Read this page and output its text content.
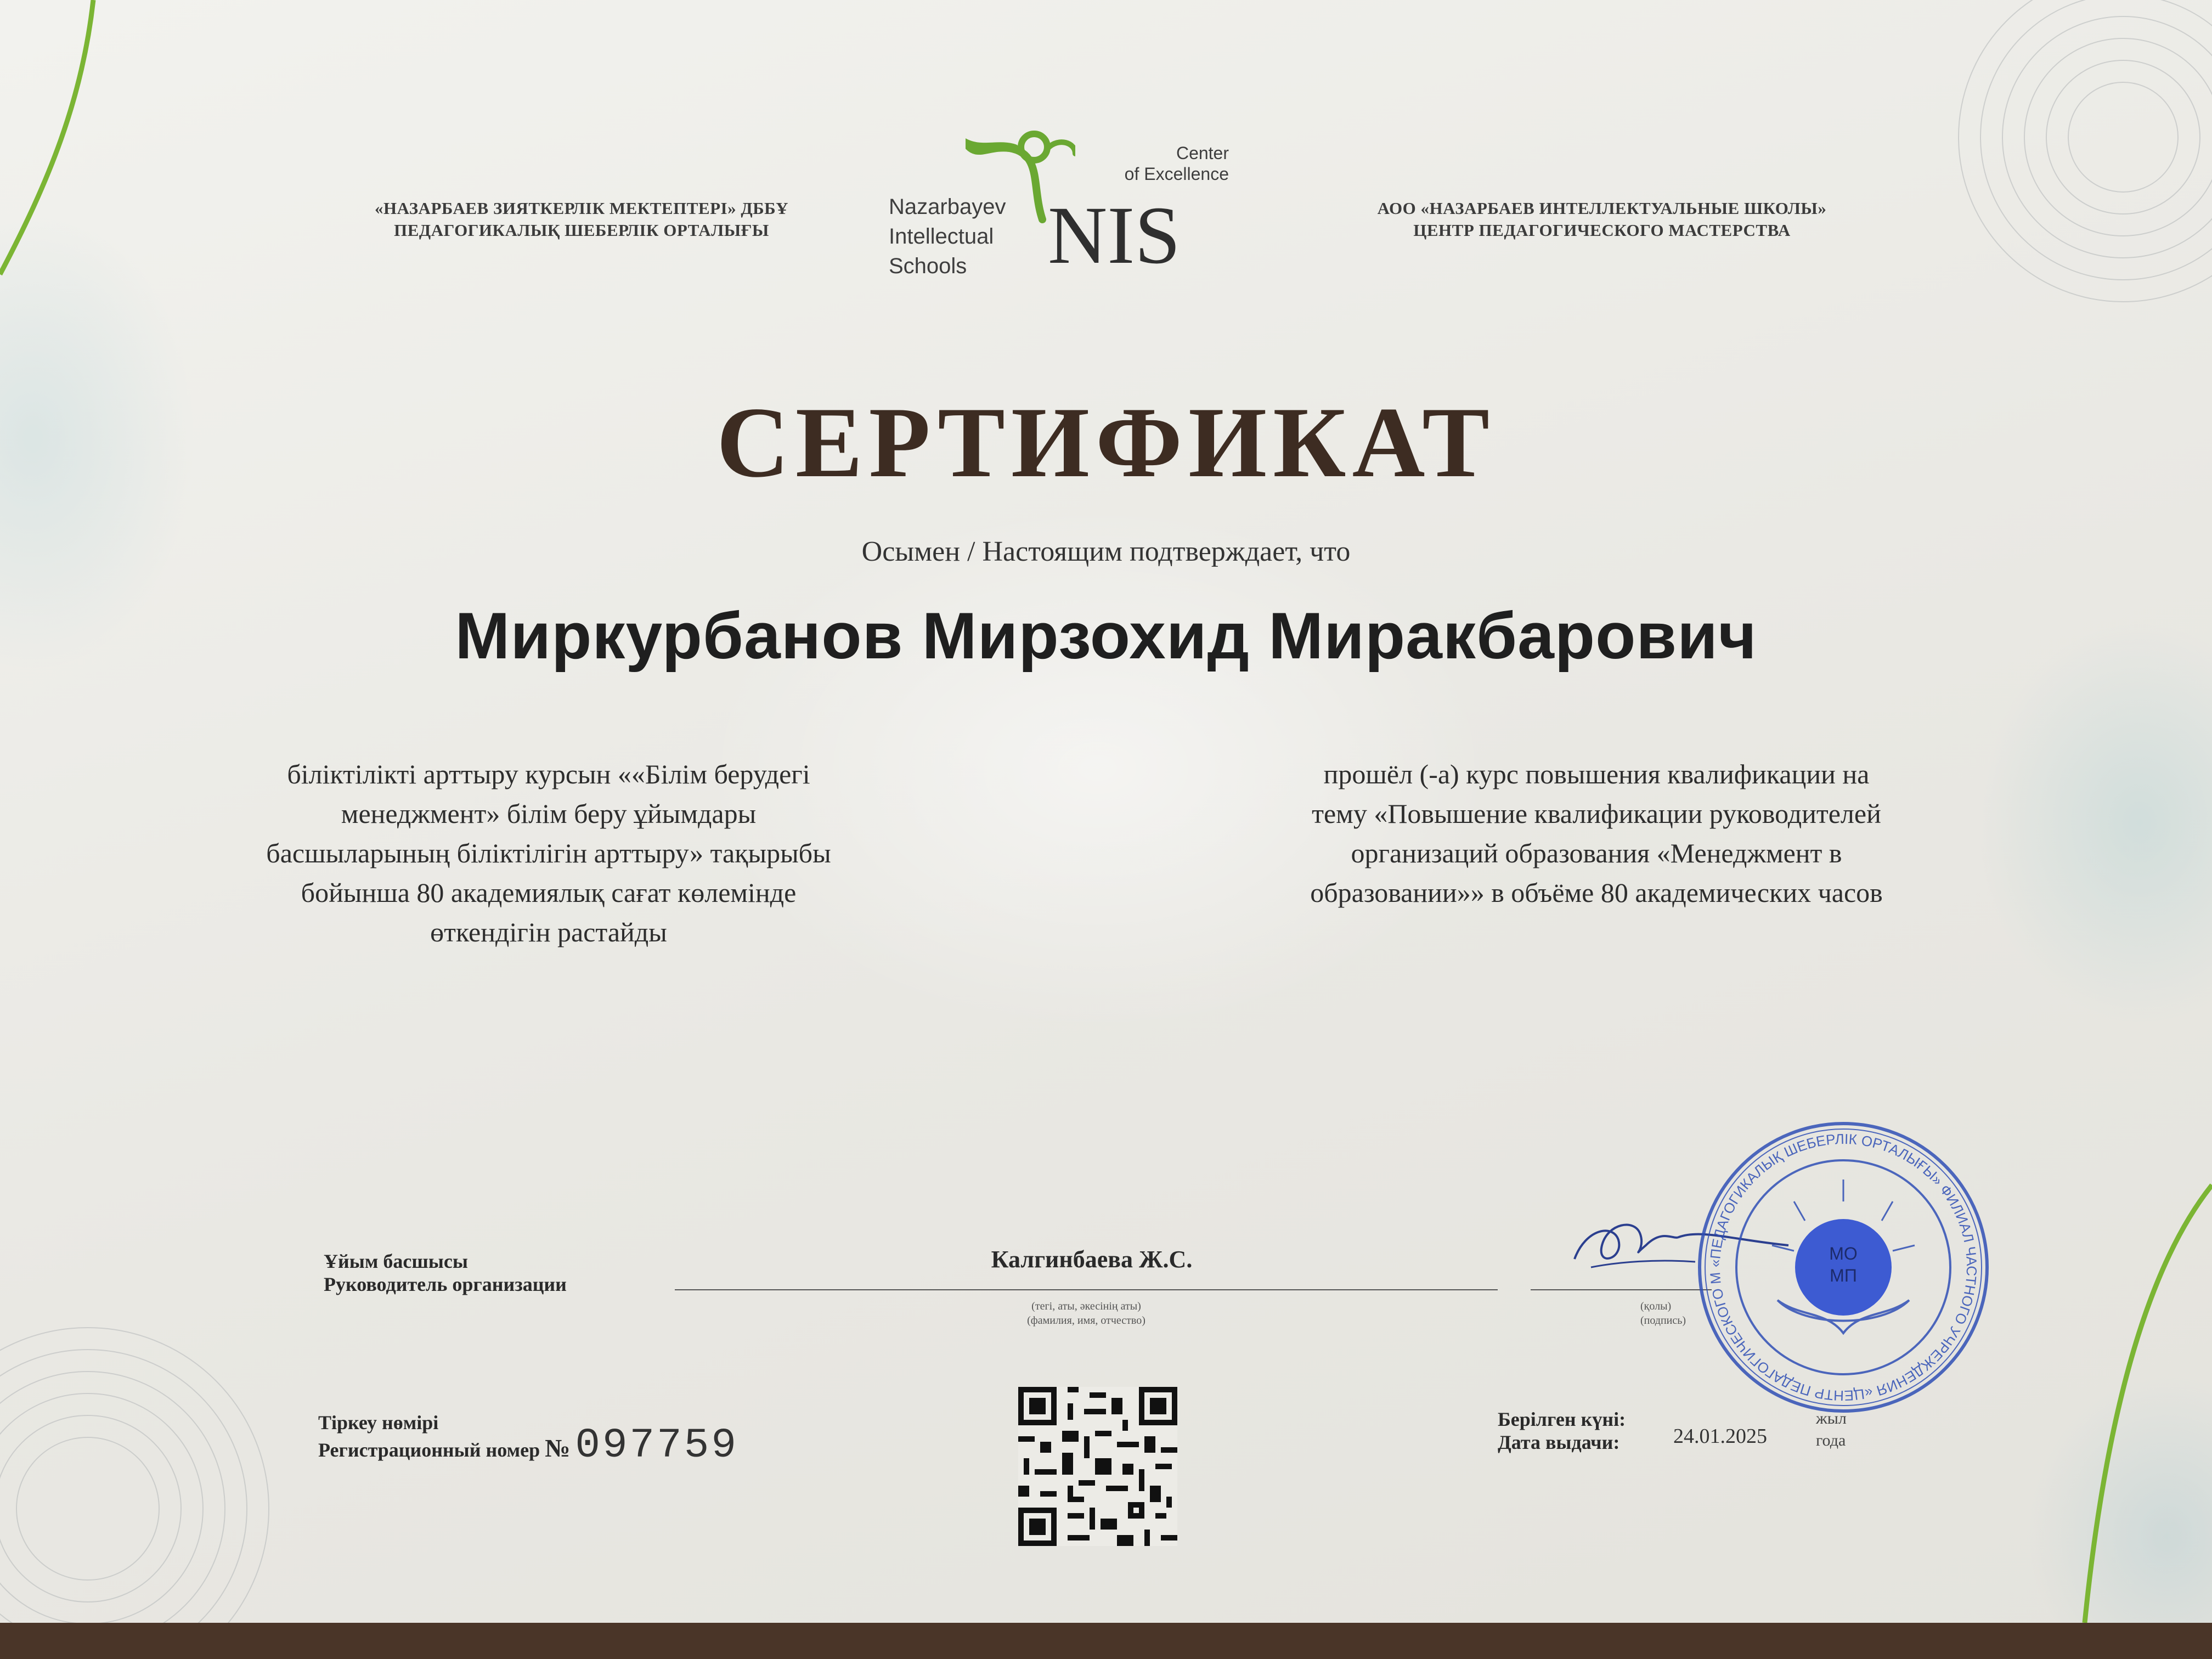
«НАЗАРБАЕВ ЗИЯТКЕРЛІК МЕКТЕПТЕРІ» ДББҰ
ПЕДАГОГИКАЛЫҚ ШЕБЕРЛІК ОРТАЛЫҒЫ
Nazarbayev
Intellectual
Schools NIS
Center
of Excellence
АОО «НАЗАРБАЕВ ИНТЕЛЛЕКТУАЛЬНЫЕ ШКОЛЫ»
ЦЕНТР ПЕДАГОГИЧЕСКОГО МАСТЕРСТВА
СЕРТИФИКАТ
Осымен / Настоящим подтверждает, что
Миркурбанов Мирзохид Миракбарович
біліктілікті арттыру курсын ««Білім берудегі
менеджмент» білім беру ұйымдары
басшыларының біліктілігін арттыру» тақырыбы
бойынша 80 академиялық сағат көлемінде
өткендігін растайды
прошёл (-а) курс повышения квалификации на
тему «Повышение квалификации руководителей
организаций образования «Менеджмент в
образовании»» в объёме 80 академических часов
Ұйым басшысы
Руководитель организации
Калгинбаева Ж.С.
(тегі, аты, әкесінің аты)
(фамилия, имя, отчество)
(қолы)
(подпись)
«ПЕДАГОГИКАЛЫҚ ШЕБЕРЛІК ОРТАЛЫҒЫ» ФИЛИАЛ ЧАСТНОГО УЧРЕЖДЕНИЯ «ЦЕНТР ПЕДАГОГИЧЕСКОГО М
МО
МП
Тіркеу нөмірі
Регистрационный номер № 097759
Берілген күні:
Дата выдачи:	24.01.2025
жыл
года
